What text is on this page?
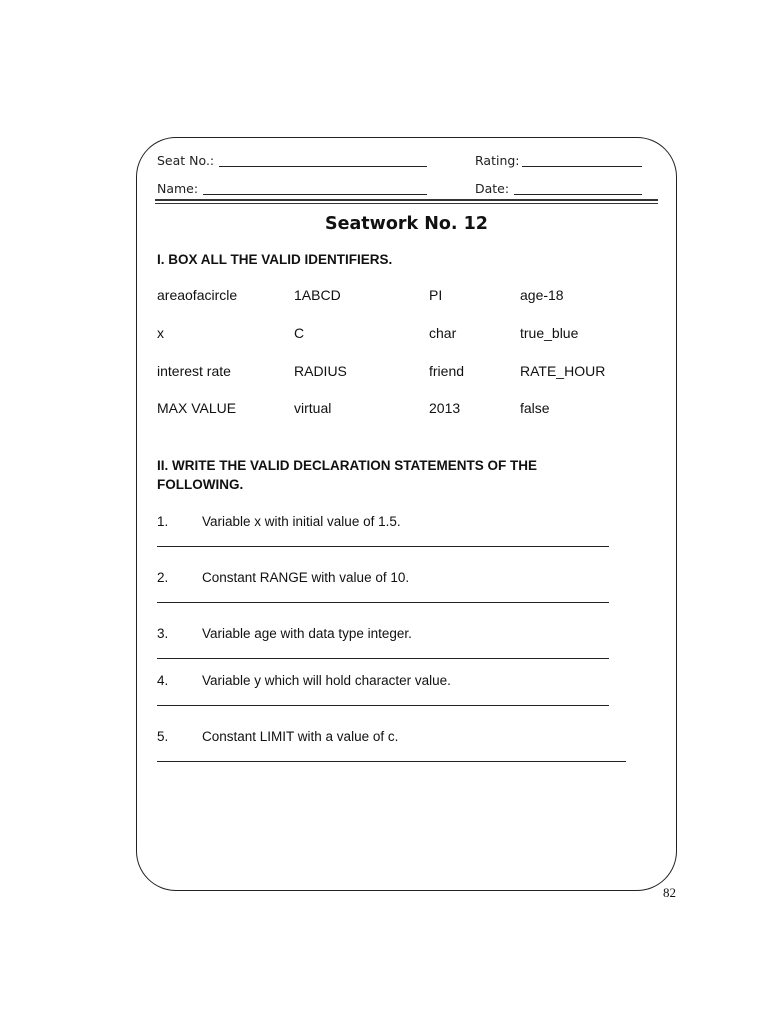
Seat No.:	Rating:
Name:	Date:
Seatwork No. 12
I. BOX ALL THE VALID IDENTIFIERS.
areaofacircle	1ABCD	PI	age-18
x	C	char	true_blue
interest rate	RADIUS	friend	RATE_HOUR
MAX VALUE	virtual	2013	false
II. WRITE THE VALID DECLARATION STATEMENTS OF THE
FOLLOWING.
1. Variable x with initial value of 1.5.
2. Constant RANGE with value of 10.
3. Variable age with data type integer.
4. Variable y which will hold character value.
5. Constant LIMIT with a value of c.
82
